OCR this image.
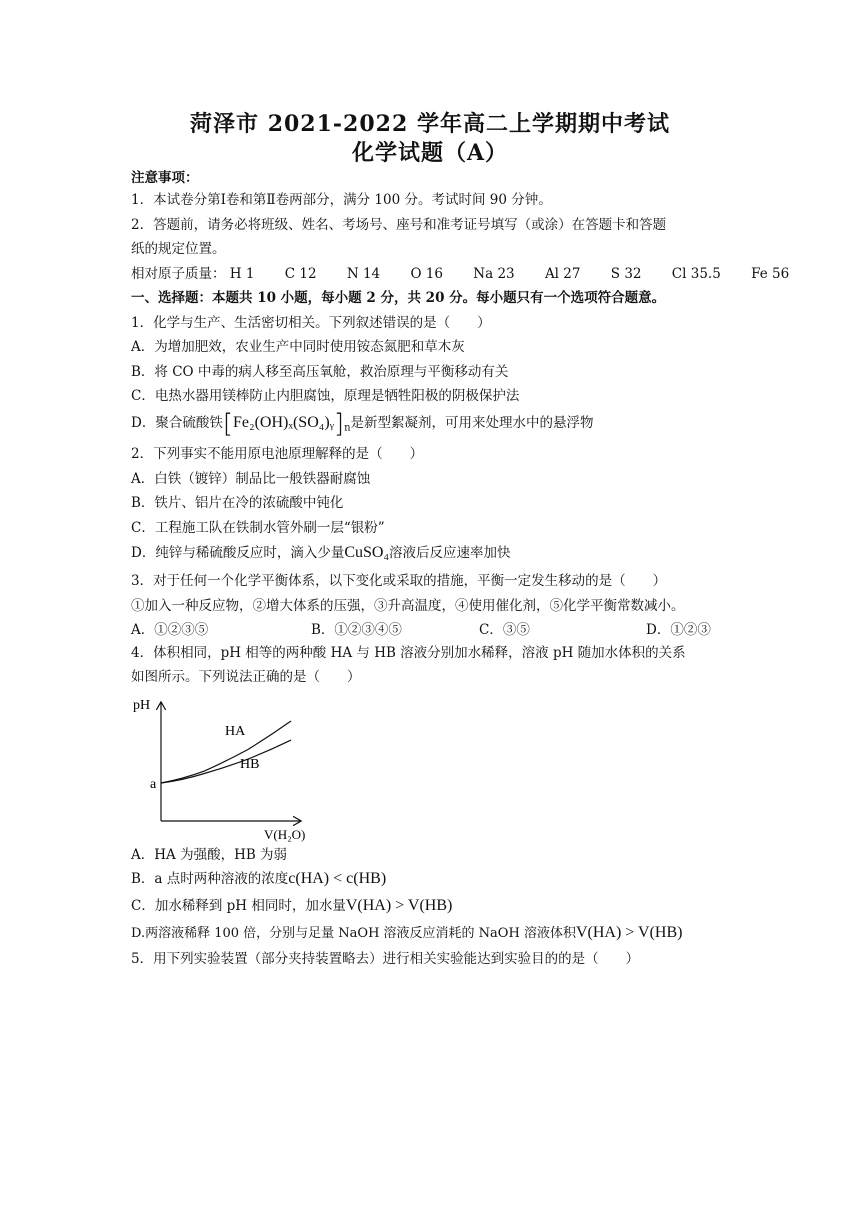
菏泽市 2021-2022 学年高二上学期期中考试
化学试题（A）
注意事项：
1．本试卷分第Ⅰ卷和第Ⅱ卷两部分，满分 100 分。考试时间 90 分钟。
2．答题前，请务必将班级、姓名、考场号、座号和准考证号填写（或涂）在答题卡和答题
纸的规定位置。
相对原子质量： H 1 C 12 N 14 O 16 Na 23 Al 27 S 32 Cl 35.5 Fe 56
一、选择题：本题共 10 小题，每小题 2 分，共 20 分。每小题只有一个选项符合题意。
1．化学与生产、生活密切相关。下列叙述错误的是（　　）
A．为增加肥效，农业生产中同时使用铵态氮肥和草木灰
B．将 CO 中毒的病人移至高压氧舱，救治原理与平衡移动有关
C．电热水器用镁棒防止内胆腐蚀，原理是牺牲阳极的阴极保护法
D．聚合硫酸铁$[Fe_2(OH)_x(SO_4)ᵧ]_n$是新型絮凝剂，可用来处理水中的悬浮物
2．下列事实不能用原电池原理解释的是（　　）
A．白铁（镀锌）制品比一般铁器耐腐蚀
B．铁片、铝片在冷的浓硫酸中钝化
C．工程施工队在铁制水管外刷一层“银粉”
D．纯锌与稀硫酸反应时，滴入少量CuSO₄溶液后反应速率加快
3．对于任何一个化学平衡体系，以下变化或采取的措施，平衡一定发生移动的是（　　）
①加入一种反应物，②增大体系的压强，③升高温度，④使用催化剂，⑤化学平衡常数减小。
A．①②③⑤	B．①②③④⑤	C．③⑤	D．①②③
4．体积相同，pH 相等的两种酸 HA 与 HB 溶液分别加水稀释，溶液 pH 随加水体积的关系
如图所示。下列说法正确的是（　　）
pH
V(H₂O)
a
HA
HB
A．HA 为强酸，HB 为弱
B．a 点时两种溶液的浓度c(HA) < c(HB)
C．加水稀释到 pH 相同时，加水量V(HA) > V(HB)
D.两溶液稀释 100 倍，分别与足量 NaOH 溶液反应消耗的 NaOH 溶液体积V(HA) > V(HB)
5．用下列实验装置（部分夹持装置略去）进行相关实验能达到实验目的的是（　　）
